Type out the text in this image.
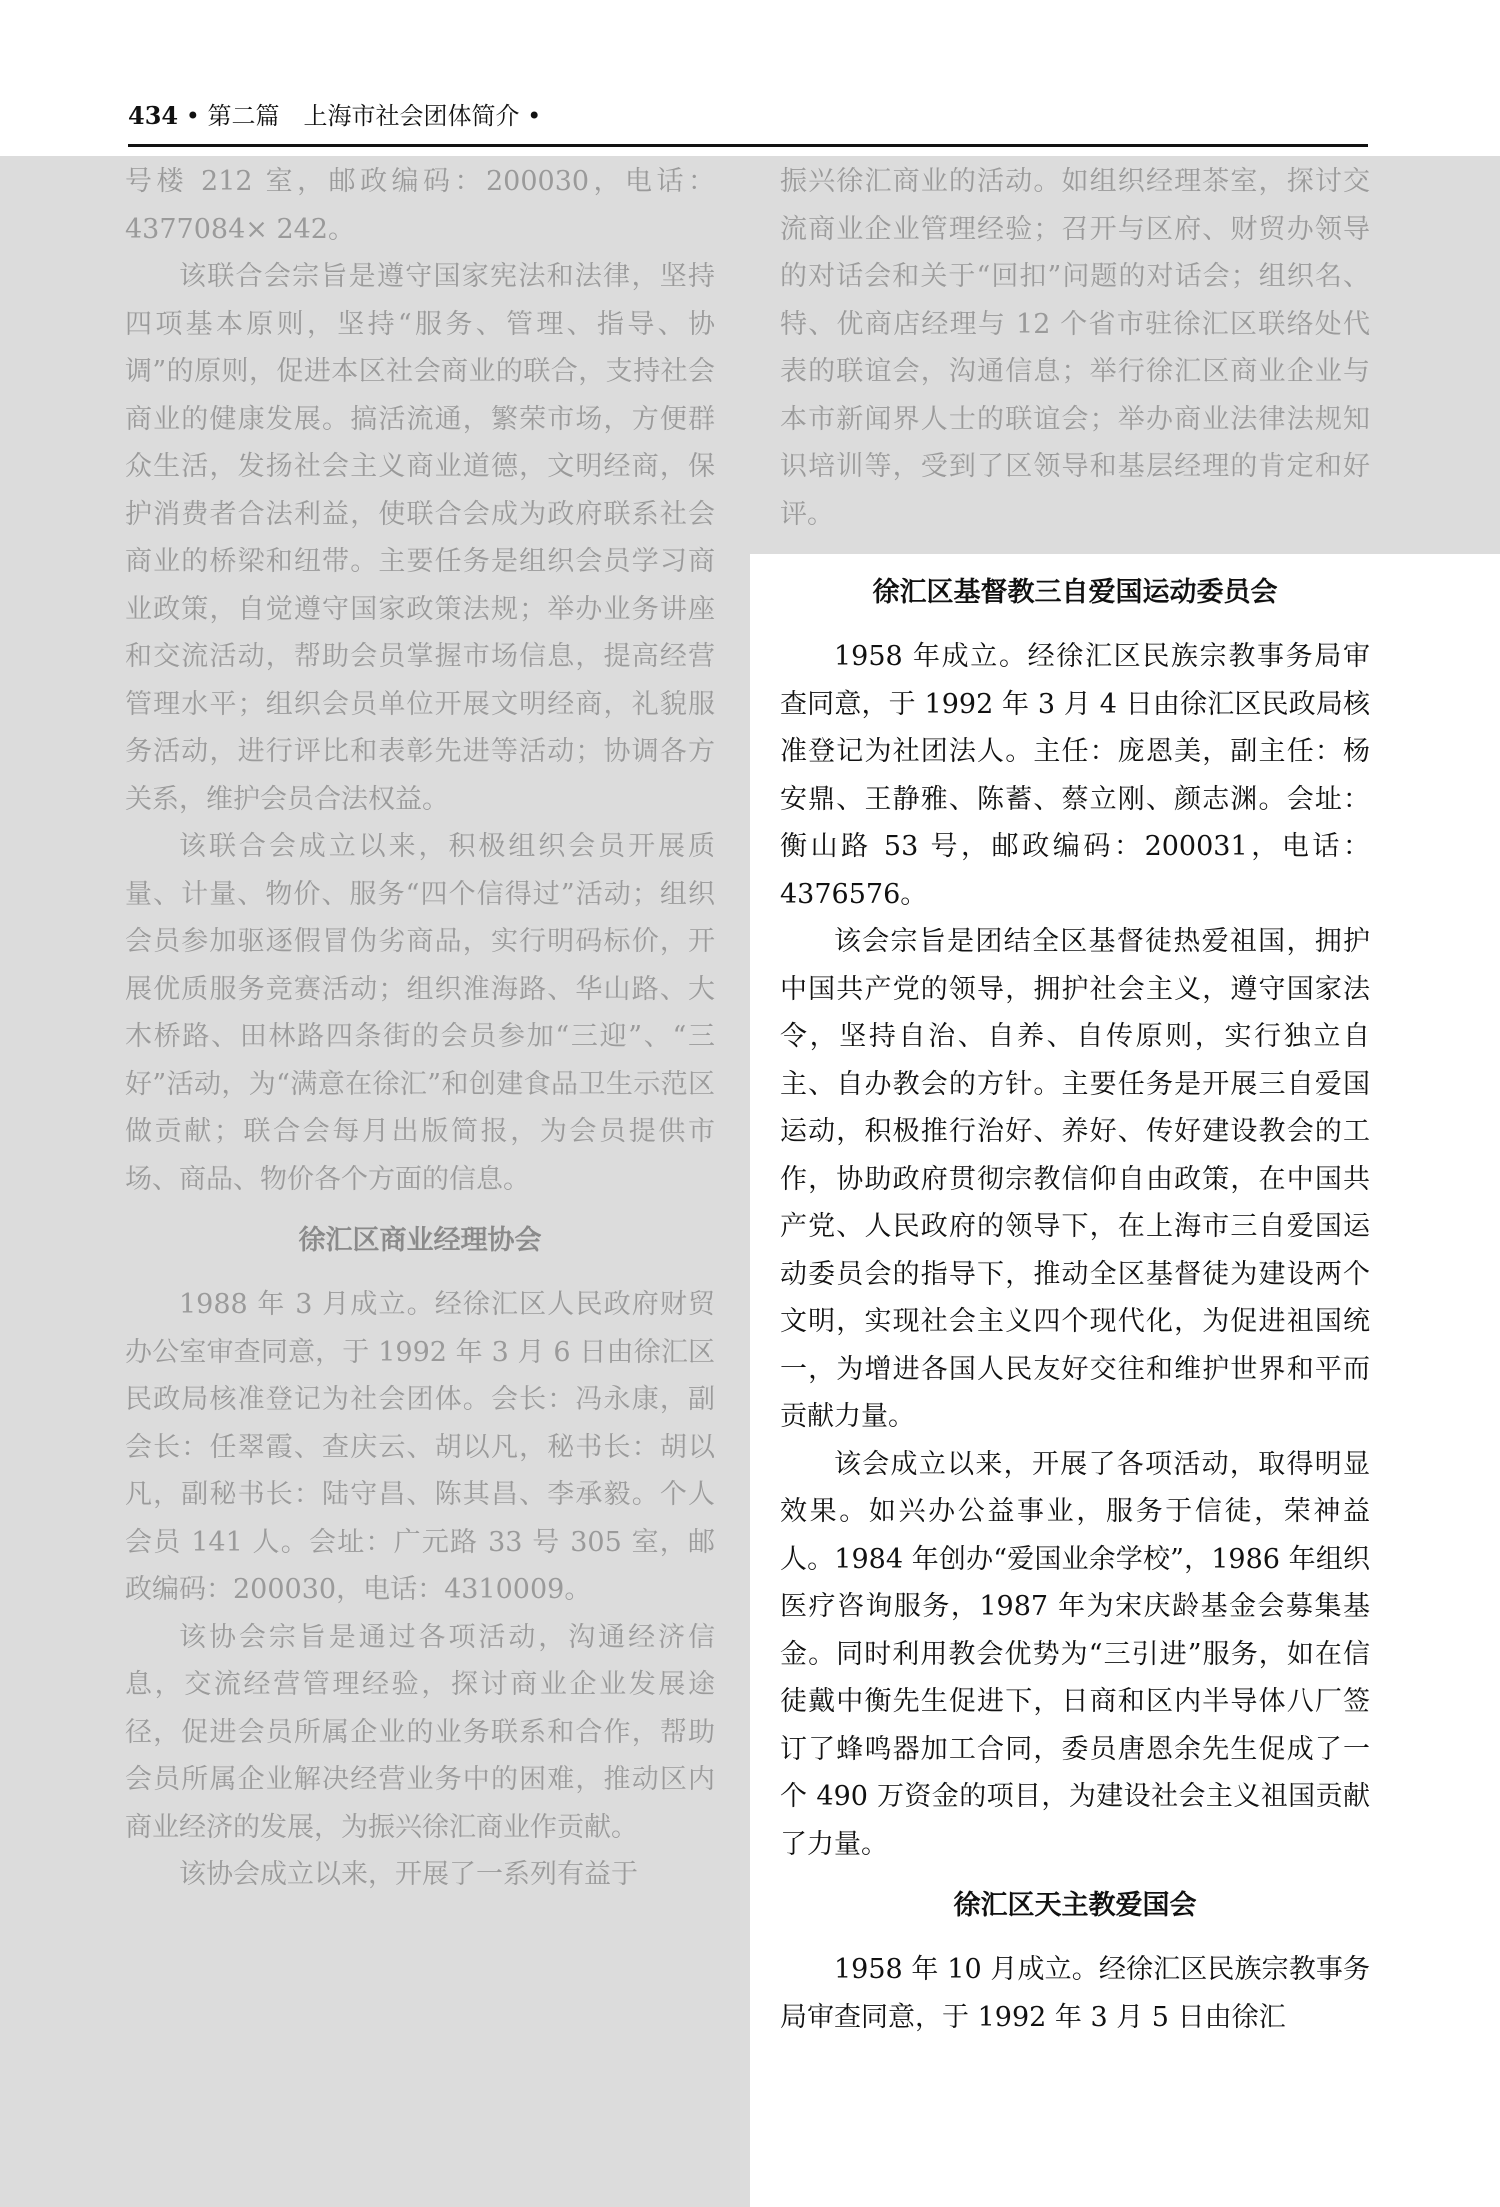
434 • 第二篇　上海市社会团体简介 •

号楼 212 室，邮政编码：200030，电话：4377084× 242。

该联合会宗旨是遵守国家宪法和法律，坚持四项基本原则，坚持“服务、管理、指导、协调”的原则，促进本区社会商业的联合，支持社会商业的健康发展。搞活流通，繁荣市场，方便群众生活，发扬社会主义商业道德，文明经商，保护消费者合法利益，使联合会成为政府联系社会商业的桥梁和纽带。主要任务是组织会员学习商业政策，自觉遵守国家政策法规；举办业务讲座和交流活动，帮助会员掌握市场信息，提高经营管理水平；组织会员单位开展文明经商，礼貌服务活动，进行评比和表彰先进等活动；协调各方关系，维护会员合法权益。

该联合会成立以来，积极组织会员开展质量、计量、物价、服务“四个信得过”活动；组织会员参加驱逐假冒伪劣商品，实行明码标价，开展优质服务竞赛活动；组织淮海路、华山路、大木桥路、田林路四条街的会员参加“三迎”、“三好”活动，为“满意在徐汇”和创建食品卫生示范区做贡献；联合会每月出版简报，为会员提供市场、商品、物价各个方面的信息。

徐汇区商业经理协会

1988 年 3 月成立。经徐汇区人民政府财贸办公室审查同意，于 1992 年 3 月 6 日由徐汇区民政局核准登记为社会团体。会长：冯永康，副会长：任翠霞、查庆云、胡以凡，秘书长：胡以凡，副秘书长：陆守昌、陈其昌、李承毅。个人会员 141 人。会址：广元路 33 号 305 室，邮政编码：200030，电话：4310009。

该协会宗旨是通过各项活动，沟通经济信息，交流经营管理经验，探讨商业企业发展途径，促进会员所属企业的业务联系和合作，帮助会员所属企业解决经营业务中的困难，推动区内商业经济的发展，为振兴徐汇商业作贡献。

该协会成立以来，开展了一系列有益于

振兴徐汇商业的活动。如组织经理茶室，探讨交流商业企业管理经验；召开与区府、财贸办领导的对话会和关于“回扣”问题的对话会；组织名、特、优商店经理与 12 个省市驻徐汇区联络处代表的联谊会，沟通信息；举行徐汇区商业企业与本市新闻界人士的联谊会；举办商业法律法规知识培训等，受到了区领导和基层经理的肯定和好评。

徐汇区基督教三自爱国运动委员会

1958 年成立。经徐汇区民族宗教事务局审查同意，于 1992 年 3 月 4 日由徐汇区民政局核准登记为社团法人。主任：庞恩美，副主任：杨安鼎、王静雅、陈蓄、蔡立刚、颜志渊。会址：衡山路 53 号，邮政编码：200031，电话：4376576。

该会宗旨是团结全区基督徒热爱祖国，拥护中国共产党的领导，拥护社会主义，遵守国家法令，坚持自治、自养、自传原则，实行独立自主、自办教会的方针。主要任务是开展三自爱国运动，积极推行治好、养好、传好建设教会的工作，协助政府贯彻宗教信仰自由政策，在中国共产党、人民政府的领导下，在上海市三自爱国运动委员会的指导下，推动全区基督徒为建设两个文明，实现社会主义四个现代化，为促进祖国统一，为增进各国人民友好交往和维护世界和平而贡献力量。

该会成立以来，开展了各项活动，取得明显效果。如兴办公益事业，服务于信徒，荣神益人。1984 年创办“爱国业余学校”，1986 年组织医疗咨询服务，1987 年为宋庆龄基金会募集基金。同时利用教会优势为“三引进”服务，如在信徒戴中衡先生促进下，日商和区内半导体八厂签订了蜂鸣器加工合同，委员唐恩余先生促成了一个 490 万资金的项目，为建设社会主义祖国贡献了力量。

徐汇区天主教爱国会

1958 年 10 月成立。经徐汇区民族宗教事务局审查同意，于 1992 年 3 月 5 日由徐汇
